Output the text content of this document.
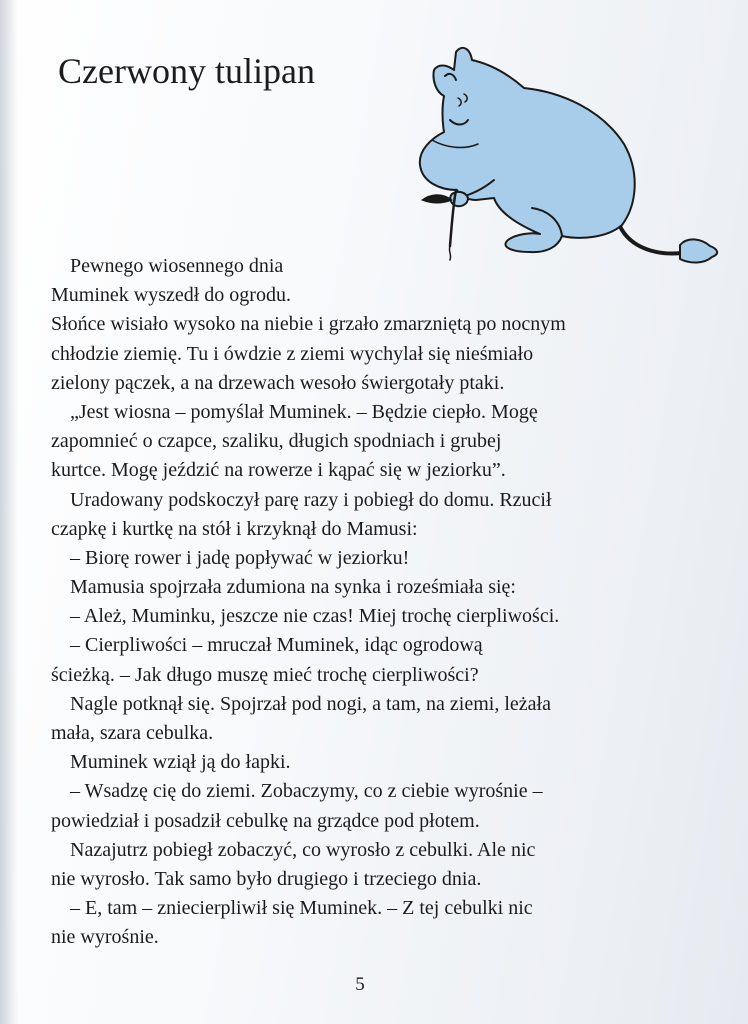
Czerwony tulipan
Pewnego wiosennego dnia
Muminek wyszedł do ogrodu.
Słońce wisiało wysoko na niebie i grzało zmarzniętą po nocnym
chłodzie ziemię. Tu i ówdzie z ziemi wychylał się nieśmiało
zielony pączek, a na drzewach wesoło świergotały ptaki.
„Jest wiosna – pomyślał Muminek. – Będzie ciepło. Mogę
zapomnieć o czapce, szaliku, długich spodniach i grubej
kurtce. Mogę jeździć na rowerze i kąpać się w jeziorku”.
Uradowany podskoczył parę razy i pobiegł do domu. Rzucił
czapkę i kurtkę na stół i krzyknął do Mamusi:
– Biorę rower i jadę popływać w jeziorku!
Mamusia spojrzała zdumiona na synka i roześmiała się:
– Ależ, Muminku, jeszcze nie czas! Miej trochę cierpliwości.
– Cierpliwości – mruczał Muminek, idąc ogrodową
ścieżką. – Jak długo muszę mieć trochę cierpliwości?
Nagle potknął się. Spojrzał pod nogi, a tam, na ziemi, leżała
mała, szara cebulka.
Muminek wziął ją do łapki.
– Wsadzę cię do ziemi. Zobaczymy, co z ciebie wyrośnie –
powiedział i posadził cebulkę na grządce pod płotem.
Nazajutrz pobiegł zobaczyć, co wyrosło z cebulki. Ale nic
nie wyrosło. Tak samo było drugiego i trzeciego dnia.
– E, tam – zniecierpliwił się Muminek. – Z tej cebulki nic
nie wyrośnie.
5
